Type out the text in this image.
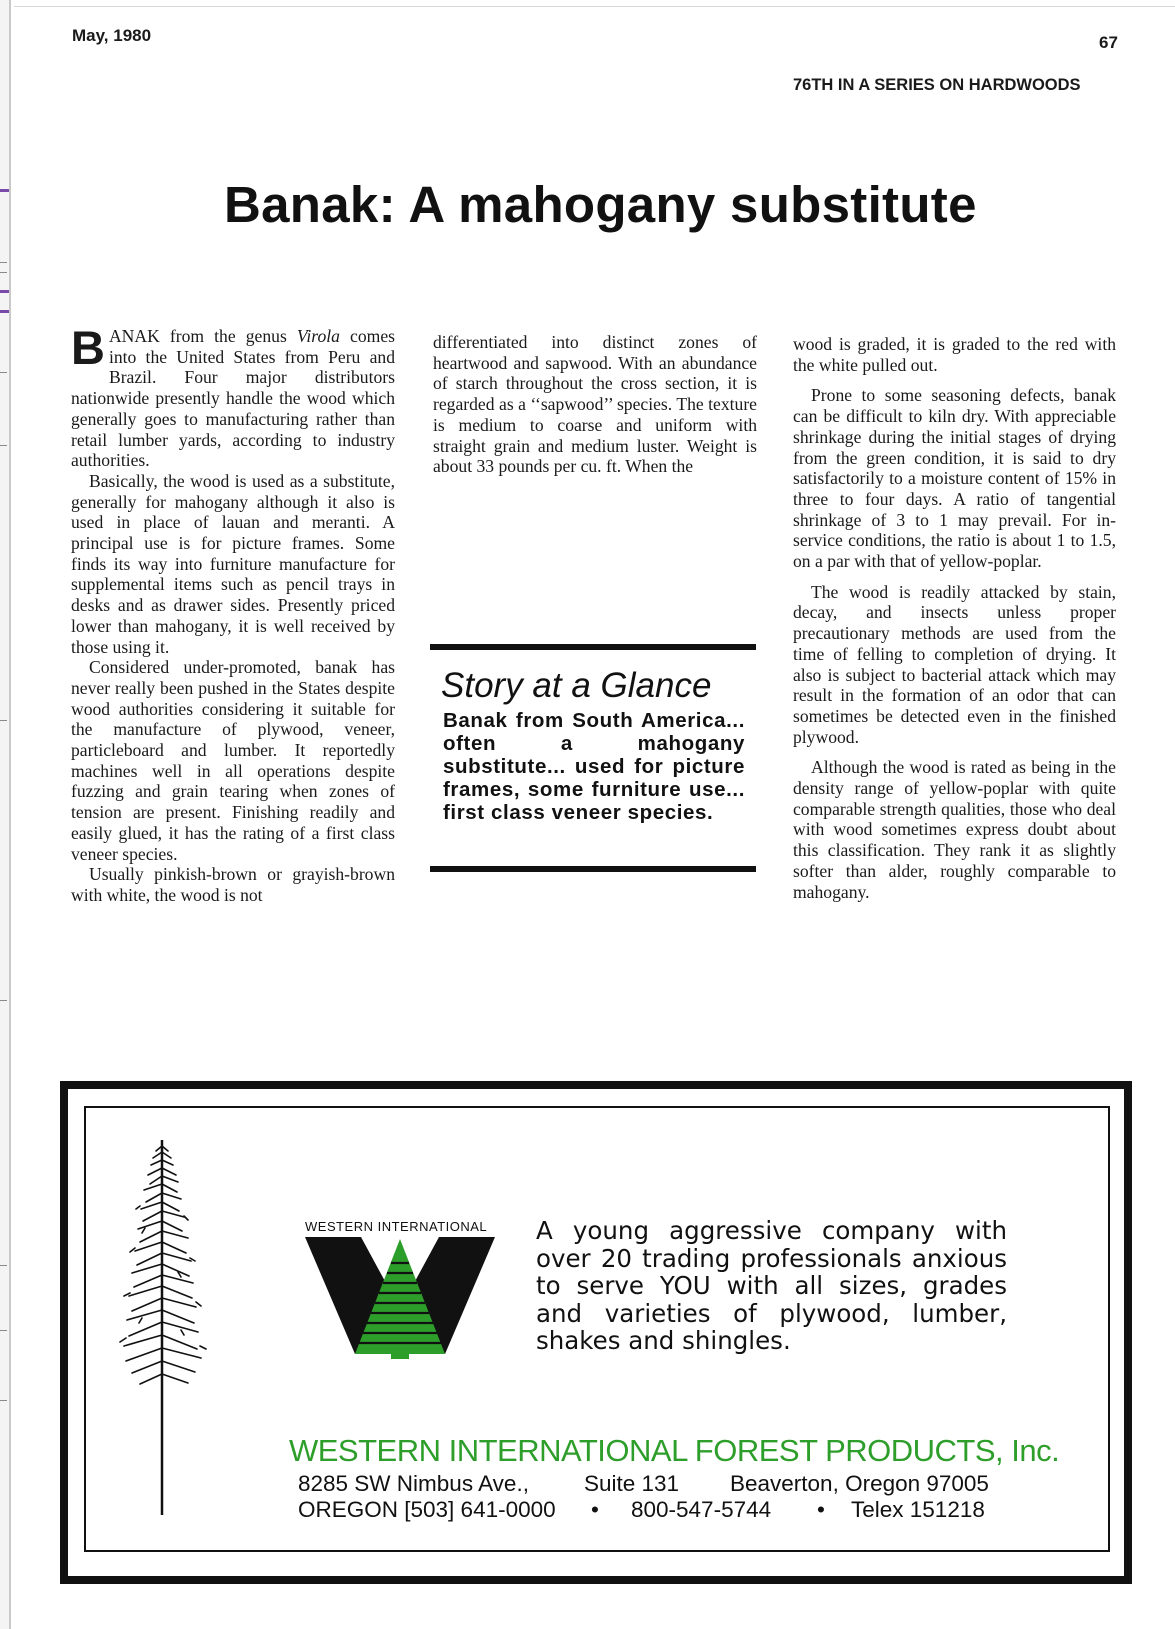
May, 1980	67
76TH IN A SERIES ON HARDWOODS
Banak: A mahogany substitute

BANAK from the genus Virola comes into the United States from Peru and Brazil. Four major distributors nationwide presently handle the wood which generally goes to manufacturing rather than retail lumber yards, according to industry authorities.

Basically, the wood is used as a substitute, generally for mahogany although it also is used in place of lauan and meranti. A principal use is for picture frames. Some finds its way into furniture manufacture for supplemental items such as pencil trays in desks and as drawer sides. Presently priced lower than mahogany, it is well received by those using it.

Considered under-promoted, banak has never really been pushed in the States despite wood authorities considering it suitable for the manufacture of plywood, veneer, particleboard and lumber. It reportedly machines well in all operations despite fuzzing and grain tearing when zones of tension are present. Finishing readily and easily glued, it has the rating of a first class veneer species.

Usually pinkish-brown or grayish-brown with white, the wood is not

differentiated into distinct zones of heartwood and sapwood. With an abundance of starch throughout the cross section, it is regarded as a ‘‘sapwood’’ species. The texture is medium to coarse and uniform with straight grain and medium luster. Weight is about 33 pounds per cu. ft. When the

Story at a Glance
Banak from South America... often a mahogany substitute... used for picture frames, some furniture use... first class veneer species.

wood is graded, it is graded to the red with the white pulled out.

Prone to some seasoning defects, banak can be difficult to kiln dry. With appreciable shrinkage during the initial stages of drying from the green condition, it is said to dry satisfactorily to a moisture content of 15% in three to four days. A ratio of tangential shrinkage of 3 to 1 may prevail. For in-service conditions, the ratio is about 1 to 1.5, on a par with that of yellow-poplar.

The wood is readily attacked by stain, decay, and insects unless proper precautionary methods are used from the time of felling to completion of drying. It also is subject to bacterial attack which may result in the formation of an odor that can sometimes be detected even in the finished plywood.

Although the wood is rated as being in the density range of yellow-poplar with quite comparable strength qualities, those who deal with wood sometimes express doubt about this classification. They rank it as slightly softer than alder, roughly comparable to mahogany.

WESTERN INTERNATIONAL A young aggressive company with over 20 trading professionals anxious to serve YOU with all sizes, grades and varieties of plywood, lumber, shakes and shingles.
WESTERN INTERNATIONAL FOREST PRODUCTS, Inc.
8285 SW Nimbus Ave., Suite 131 Beaverton, Oregon 97005
OREGON [503] 641-0000 • 800-547-5744 • Telex 151218
